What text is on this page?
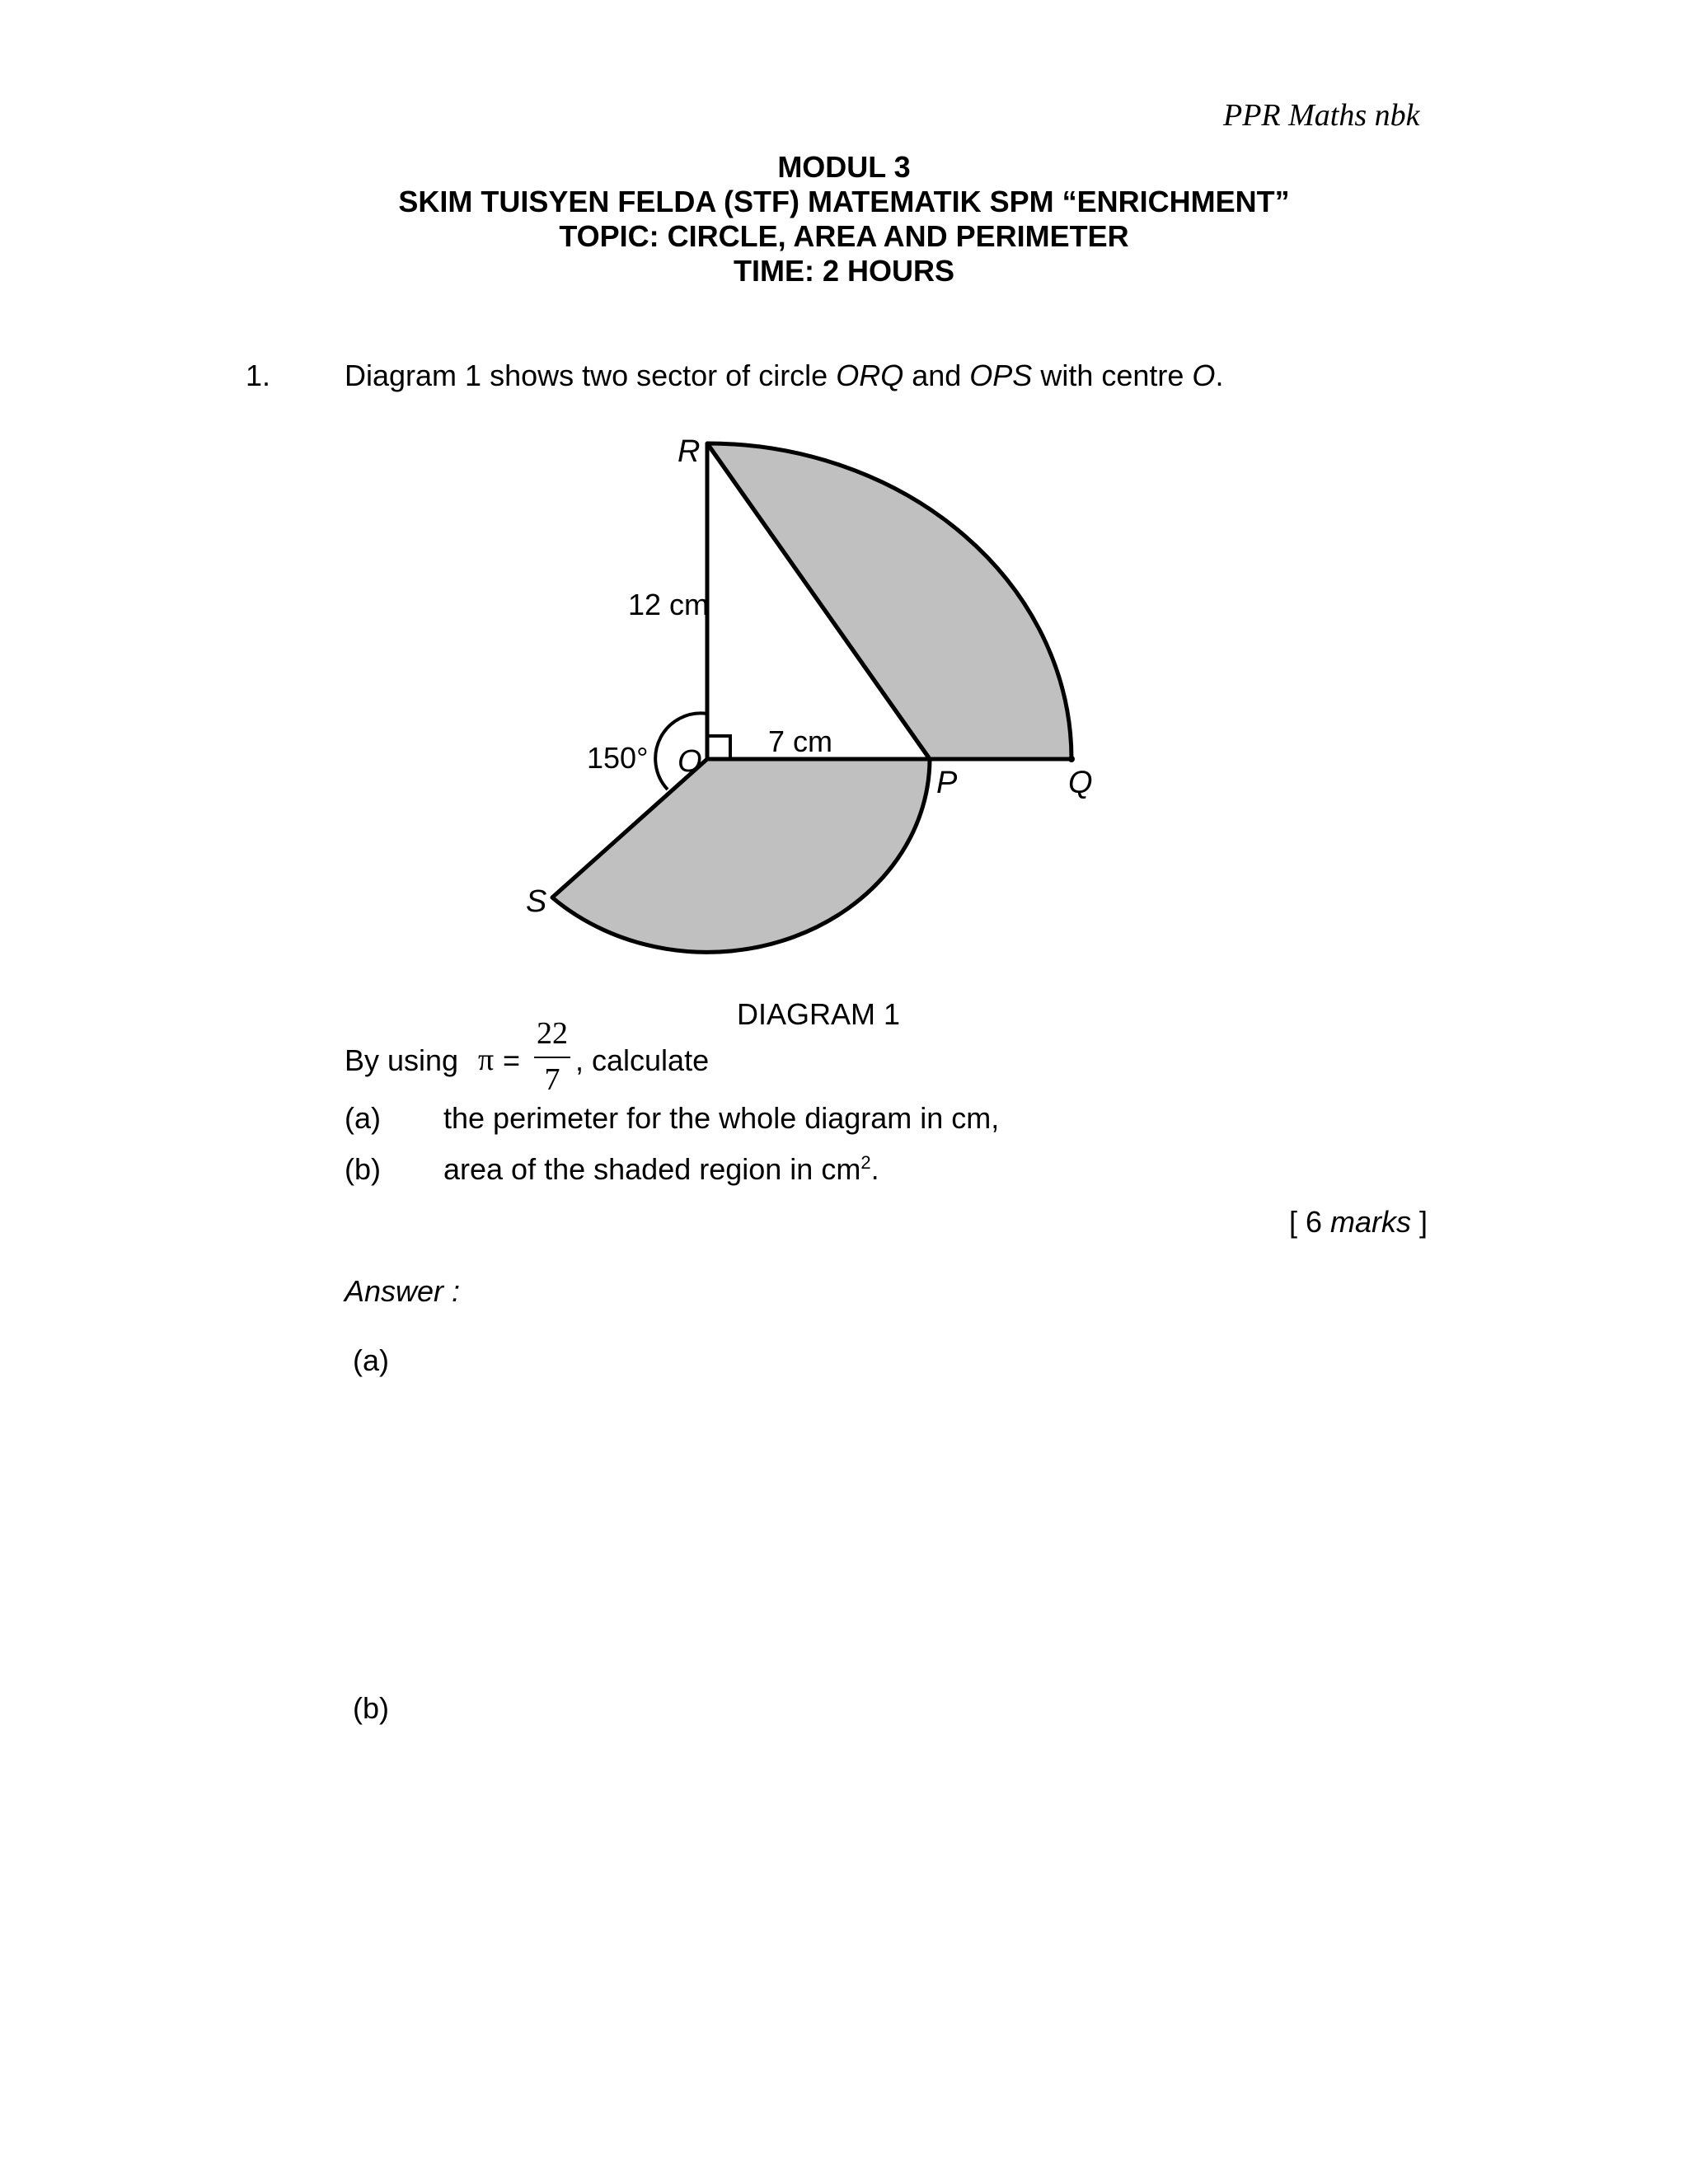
PPR Maths nbk
MODUL 3
SKIM TUISYEN FELDA (STF) MATEMATIK SPM “ENRICHMENT”
TOPIC: CIRCLE, AREA AND PERIMETER
TIME: 2 HOURS
1. Diagram 1 shows two sector of circle ORQ and OPS with centre O.
R
O
P	Q
S
12 cm
7 cm
150°
DIAGRAM 1
By using π =
22
7
, calculate
(a) the perimeter for the whole diagram in cm,
(b) area of the shaded region in $cm^2$.
[ 6 marks ]
Answer :
(a)
(b)
